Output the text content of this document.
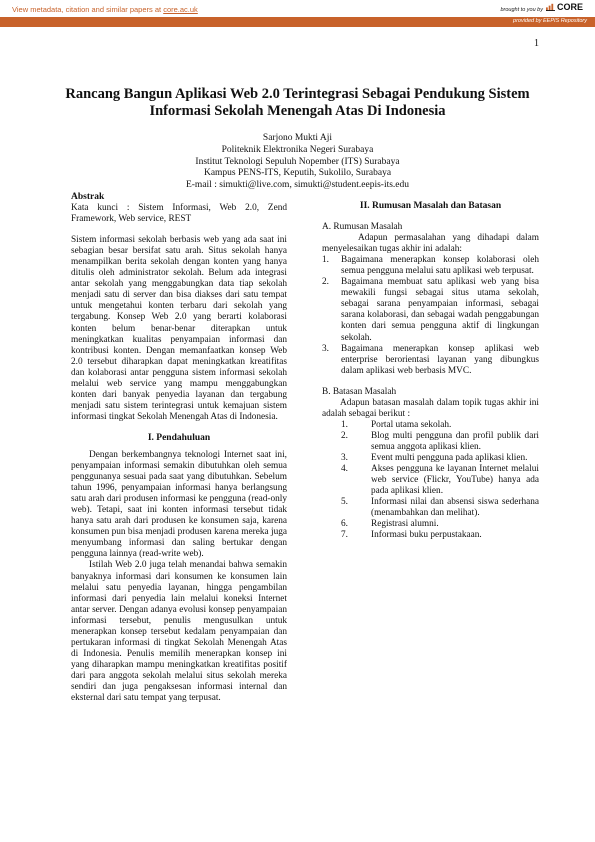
View metadata, citation and similar papers at core.ac.uk	brought to you by	CORE
provided by EEPIS Repository
1
Rancang Bangun Aplikasi Web 2.0 Terintegrasi Sebagai Pendukung Sistem
Informasi Sekolah Menengah Atas Di Indonesia
Sarjono Mukti Aji
Politeknik Elektronika Negeri Surabaya
Institut Teknologi Sepuluh Nopember (ITS) Surabaya
Kampus PENS-ITS, Keputih, Sukolilo, Surabaya
E-mail : simukti@live.com, simukti@student.eepis-its.edu
Abstrak
Kata kunci : Sistem Informasi, Web 2.0, Zend Framework, Web service, REST

Sistem informasi sekolah berbasis web yang ada saat ini sebagian besar bersifat satu arah. Situs sekolah hanya menampilkan berita sekolah dengan konten yang hanya ditulis oleh administrator sekolah. Belum ada integrasi antar sekolah yang menggabungkan data tiap sekolah menjadi satu di server dan bisa diakses dari satu tempat untuk mengetahui konten terbaru dari sekolah yang tergabung. Konsep Web 2.0 yang berarti kolaborasi konten belum benar-benar diterapkan untuk meningkatkan kualitas penyampaian informasi dan kontribusi konten. Dengan memanfaatkan konsep Web 2.0 tersebut diharapkan dapat meningkatkan kreatifitas dan kolaborasi antar pengguna sistem informasi sekolah melalui web service yang mampu menggabungkan konten dari banyak penyedia layanan dan tergabung menjadi satu sistem terintegrasi untuk kemajuan sistem informasi tingkat Sekolah Menengah Atas di Indonesia.

I. Pendahuluan

Dengan berkembangnya teknologi Internet saat ini, penyampaian informasi semakin dibutuhkan oleh semua penggunanya sesuai pada saat yang dibutuhkan. Sebelum tahun 1996, penyampaian informasi hanya berlangsung satu arah dari produsen informasi ke pengguna (read-only web). Tetapi, saat ini konten informasi tersebut tidak hanya satu arah dari produsen ke konsumen saja, karena konsumen pun bisa menjadi produsen karena mereka juga menyumbang informasi dan saling bertukar dengan pengguna lainnya (read-write web).

Istilah Web 2.0 juga telah menandai bahwa semakin banyaknya informasi dari konsumen ke konsumen lain melalui satu penyedia layanan, hingga pengambilan informasi dari penyedia lain melalui koneksi Internet antar server. Dengan adanya evolusi konsep penyampaian informasi tersebut, penulis mengusulkan untuk menerapkan konsep tersebut kedalam penyampaian dan pertukaran informasi di tingkat Sekolah Menengah Atas di Indonesia. Penulis memilih menerapkan konsep ini yang diharapkan mampu meningkatkan kreatifitas positif dari para anggota sekolah melalui situs sekolah mereka sendiri dan juga pengaksesan informasi internal dan eksternal dari satu tempat yang terpusat.

II. Rumusan Masalah dan Batasan
A. Rumusan Masalah

Adapun permasalahan yang dihadapi dalam menyelesaikan tugas akhir ini adalah:

1. Bagaimana menerapkan konsep kolaborasi oleh semua pengguna melalui satu aplikasi web terpusat.
2. Bagaimana membuat satu aplikasi web yang bisa mewakili fungsi sebagai situs utama sekolah, sebagai sarana penyampaian informasi, sebagai sarana kolaborasi, dan sebagai wadah penggabungan konten dari semua pengguna aktif di lingkungan sekolah.
3. Bagaimana menerapkan konsep aplikasi web enterprise berorientasi layanan yang dibungkus dalam aplikasi web berbasis MVC.
B. Batasan Masalah

Adapun batasan masalah dalam topik tugas akhir ini adalah sebagai berikut :

1. Portal utama sekolah.
2. Blog multi pengguna dan profil publik dari semua anggota aplikasi klien.
3. Event multi pengguna pada aplikasi klien.
4. Akses pengguna ke layanan Internet melalui web service (Flickr, YouTube) hanya ada pada aplikasi klien.
5. Informasi nilai dan absensi siswa sederhana (menambahkan dan melihat).
6. Registrasi alumni.
7. Informasi buku perpustakaan.
